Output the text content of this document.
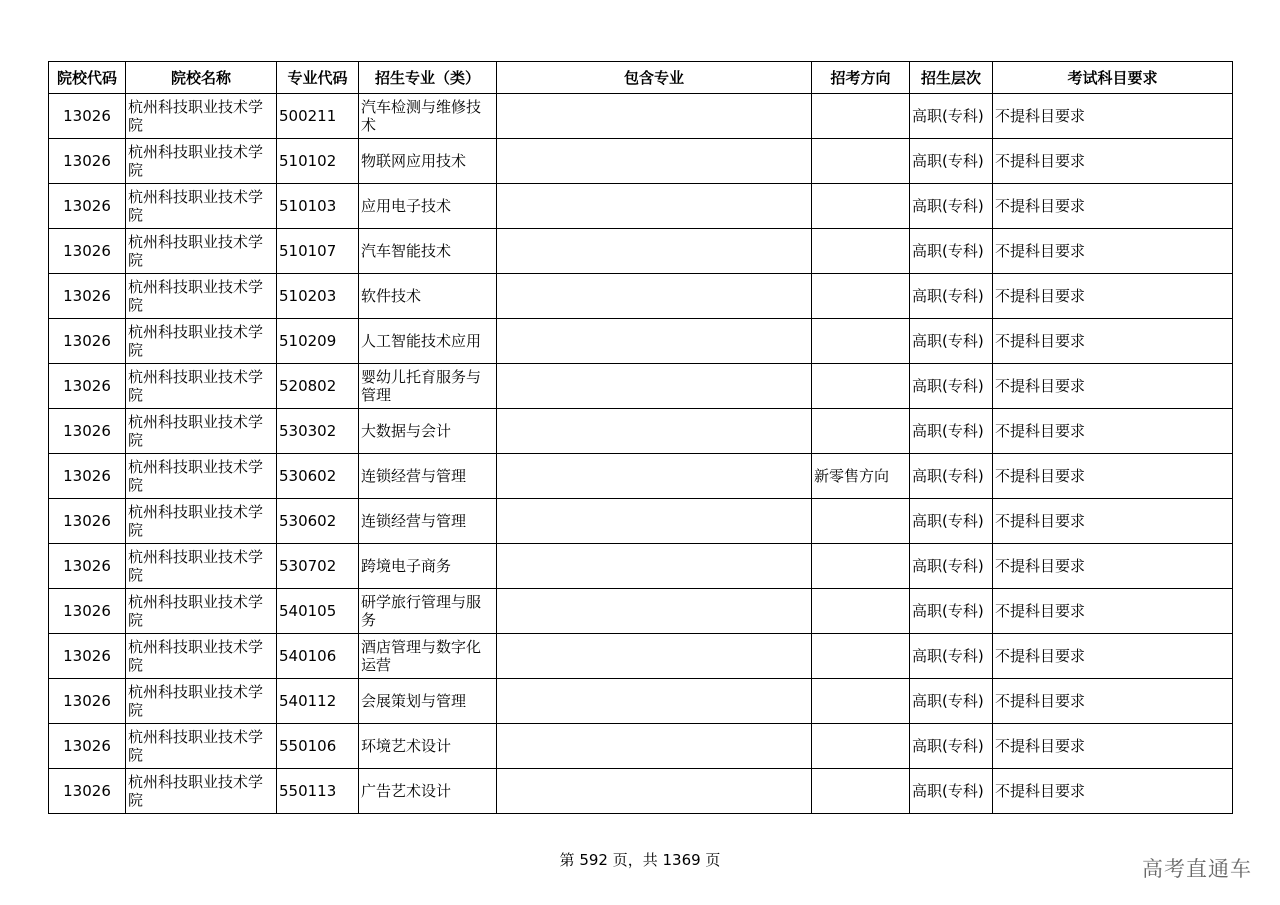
院校代码	院校名称	专业代码	招生专业（类）	包含专业	招考方向	招生层次	考试科目要求
13026	杭州科技职业技术学院	500211	汽车检测与维修技术			高职(专科)	不提科目要求
13026	杭州科技职业技术学院	510102	物联网应用技术			高职(专科)	不提科目要求
13026	杭州科技职业技术学院	510103	应用电子技术			高职(专科)	不提科目要求
13026	杭州科技职业技术学院	510107	汽车智能技术			高职(专科)	不提科目要求
13026	杭州科技职业技术学院	510203	软件技术			高职(专科)	不提科目要求
13026	杭州科技职业技术学院	510209	人工智能技术应用			高职(专科)	不提科目要求
13026	杭州科技职业技术学院	520802	婴幼儿托育服务与管理			高职(专科)	不提科目要求
13026	杭州科技职业技术学院	530302	大数据与会计			高职(专科)	不提科目要求
13026	杭州科技职业技术学院	530602	连锁经营与管理		新零售方向	高职(专科)	不提科目要求
13026	杭州科技职业技术学院	530602	连锁经营与管理			高职(专科)	不提科目要求
13026	杭州科技职业技术学院	530702	跨境电子商务			高职(专科)	不提科目要求
13026	杭州科技职业技术学院	540105	研学旅行管理与服务			高职(专科)	不提科目要求
13026	杭州科技职业技术学院	540106	酒店管理与数字化运营			高职(专科)	不提科目要求
13026	杭州科技职业技术学院	540112	会展策划与管理			高职(专科)	不提科目要求
13026	杭州科技职业技术学院	550106	环境艺术设计			高职(专科)	不提科目要求
13026	杭州科技职业技术学院	550113	广告艺术设计			高职(专科)	不提科目要求
第 592 页，共 1369 页	高考直通车
